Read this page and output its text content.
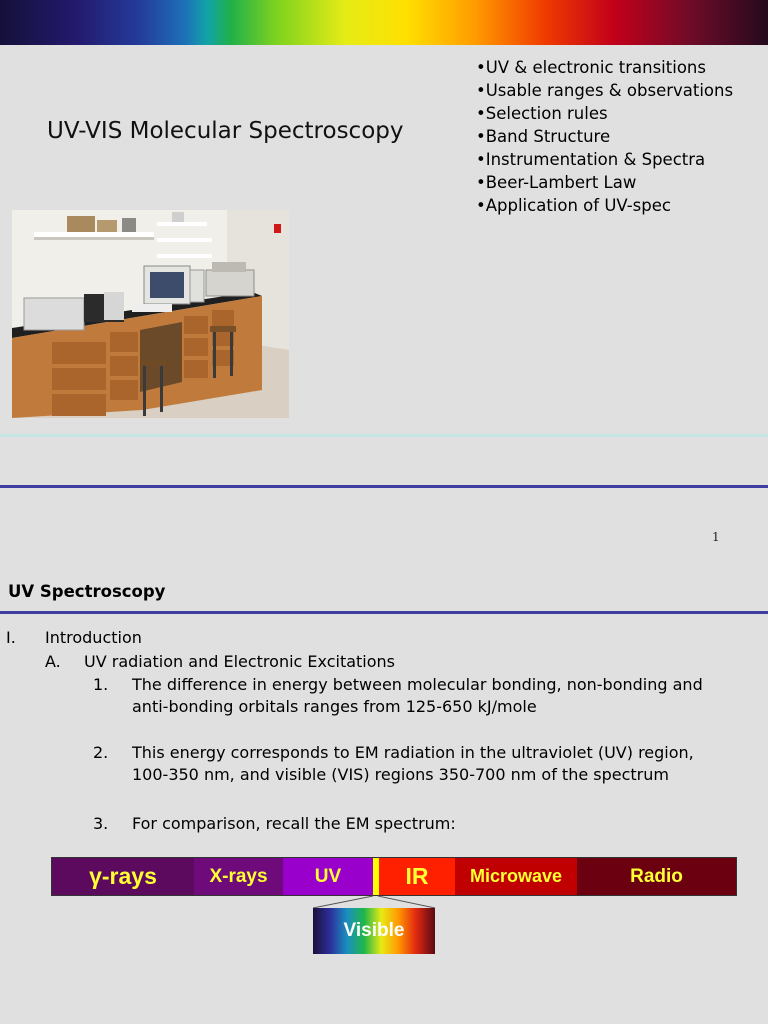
UV-VIS Molecular Spectroscopy
• UV & electronic transitions
• Usable ranges & observations
• Selection rules
• Band Structure
• Instrumentation & Spectra
• Beer-Lambert Law
• Application of UV-spec
1
UV Spectroscopy
I. Introduction
A. UV radiation and Electronic Excitations
1. The difference in energy between molecular bonding, non-bonding and
anti-bonding orbitals ranges from 125-650 kJ/mole
2. This energy corresponds to EM radiation in the ultraviolet (UV) region,
100-350 nm, and visible (VIS) regions 350-700 nm of the spectrum
3. For comparison, recall the EM spectrum:
γ-rays	X-rays	UV	IR	Microwave	Radio
Visible
